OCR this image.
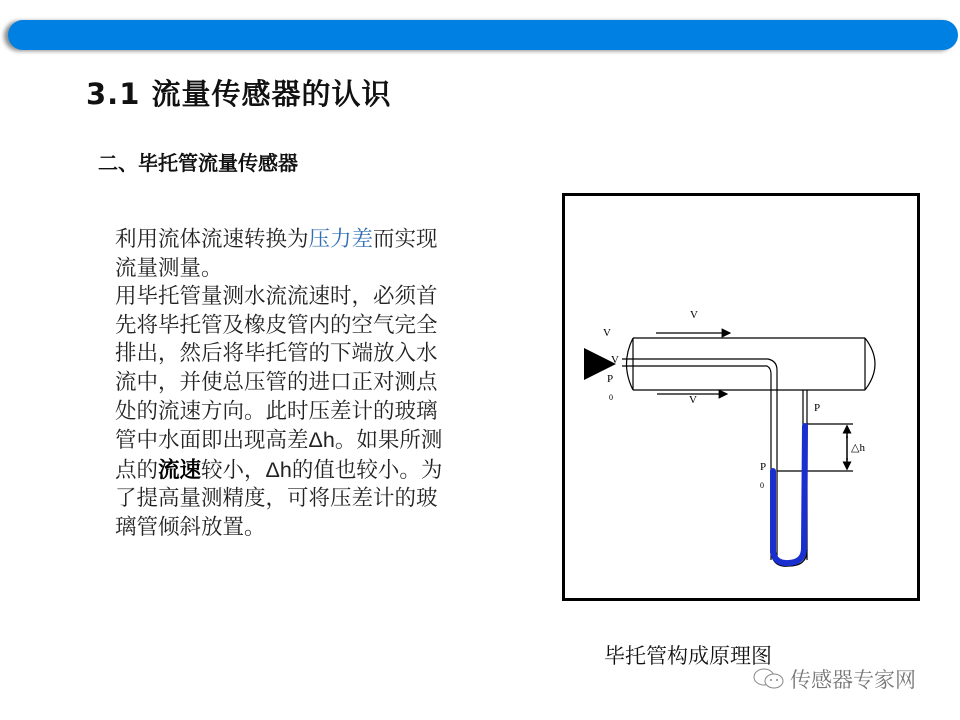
3.1 流量传感器的认识
二、毕托管流量传感器
利用流体流速转换为压力差而实现
流量测量。
用毕托管量测水流流速时，必须首
先将毕托管及橡皮管内的空气完全
排出，然后将毕托管的下端放入水
流中，并使总压管的进口正对测点
处的流速方向。此时压差计的玻璃
管中水面即出现高差Δh。如果所测
点的流速较小，Δh的值也较小。为
了提高量测精度，可将压差计的玻
璃管倾斜放置。
V
V
V
P
0	V
P
P
0
△h
毕托管构成原理图
传感器专家网
